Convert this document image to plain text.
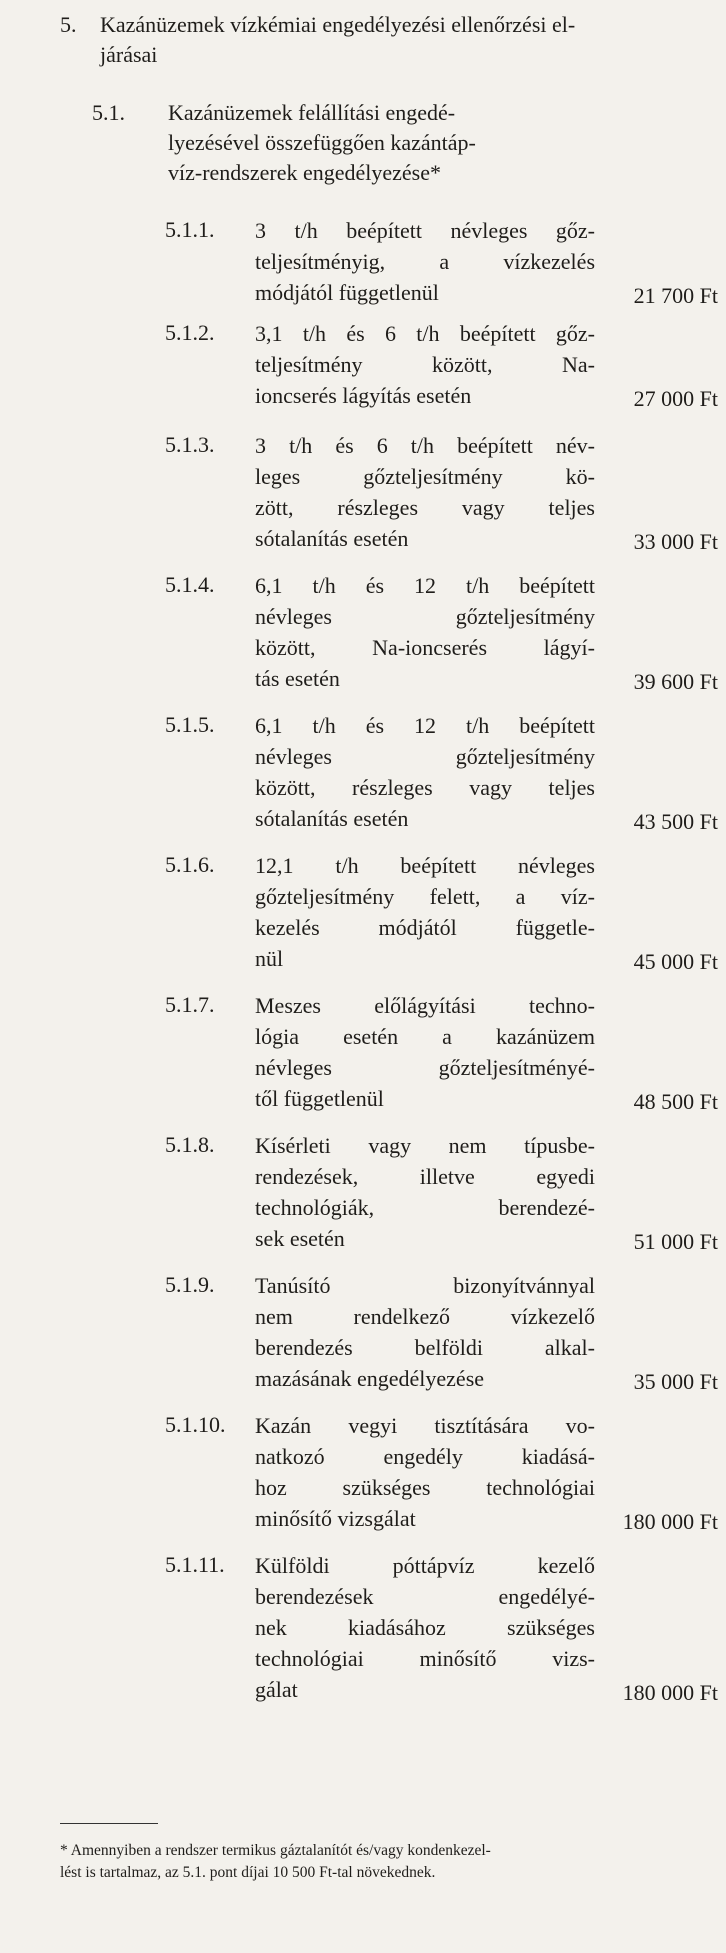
5. Kazánüzemek vízkémiai engedélyezési ellenőrzési el-
járásai
5.1. Kazánüzemek felállítási engedé-
lyezésével összefüggően kazántáp-
víz-rendszerek engedélyezése*
5.1.1. 3 t/h beépített névleges gőz-
teljesítményig, a vízkezelés
módjától függetlenül	21 700 Ft
5.1.2. 3,1 t/h és 6 t/h beépített gőz-
teljesítmény között, Na-
ioncserés lágyítás esetén	27 000 Ft
5.1.3. 3 t/h és 6 t/h beépített név-
leges gőzteljesítmény kö-
zött, részleges vagy teljes
sótalanítás esetén	33 000 Ft
5.1.4. 6,1 t/h és 12 t/h beépített
névleges gőzteljesítmény
között, Na-ioncserés lágyí-
tás esetén	39 600 Ft
5.1.5. 6,1 t/h és 12 t/h beépített
névleges gőzteljesítmény
között, részleges vagy teljes
sótalanítás esetén	43 500 Ft
5.1.6. 12,1 t/h beépített névleges
gőzteljesítmény felett, a víz-
kezelés módjától függetle-
nül	45 000 Ft
5.1.7. Meszes előlágyítási techno-
lógia esetén a kazánüzem
névleges gőzteljesítményé-
től függetlenül	48 500 Ft
5.1.8. Kísérleti vagy nem típusbe-
rendezések, illetve egyedi
technológiák, berendezé-
sek esetén	51 000 Ft
5.1.9. Tanúsító bizonyítvánnyal
nem rendelkező vízkezelő
berendezés belföldi alkal-
mazásának engedélyezése	35 000 Ft
5.1.10. Kazán vegyi tisztítására vo-
natkozó engedély kiadásá-
hoz szükséges technológiai
minősítő vizsgálat	180 000 Ft
5.1.11. Külföldi póttápvíz kezelő
berendezések engedélyé-
nek kiadásához szükséges
technológiai minősítő vizs-
gálat	180 000 Ft
* Amennyiben a rendszer termikus gáztalanítót és/vagy kondenkezel-
lést is tartalmaz, az 5.1. pont díjai 10 500 Ft-tal növekednek.
